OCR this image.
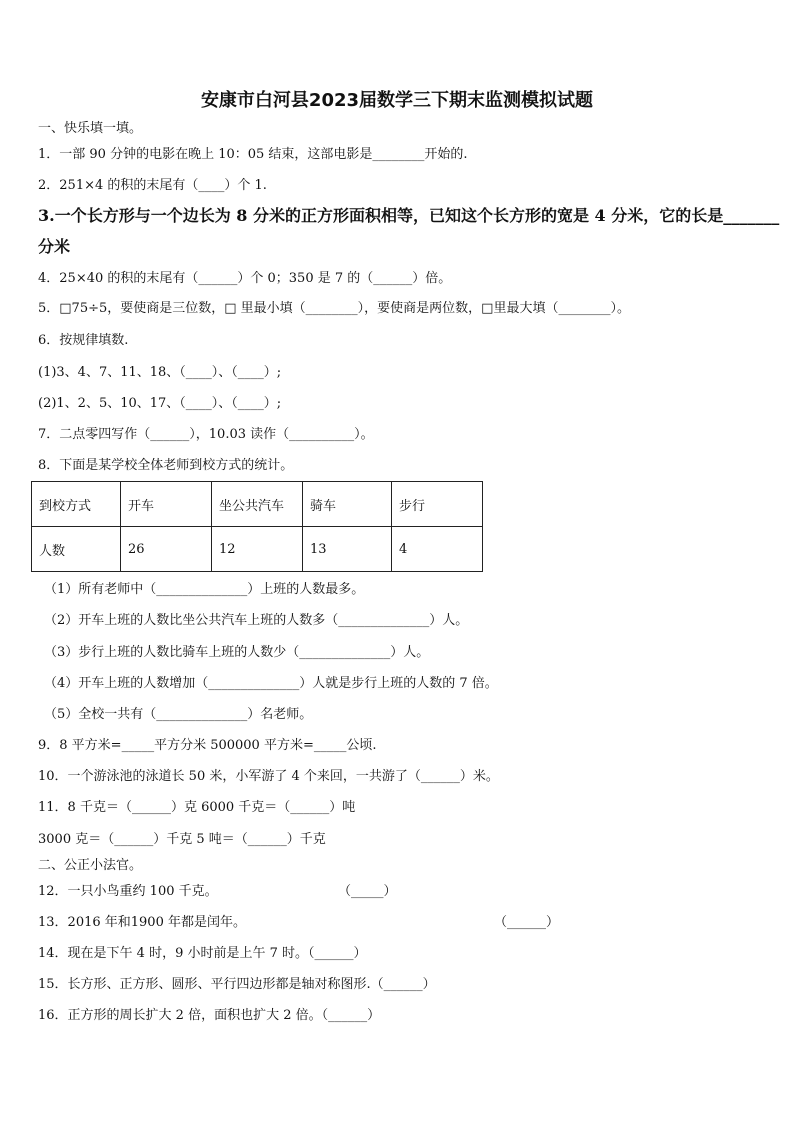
安康市白河县2023届数学三下期末监测模拟试题
一、快乐填一填。
1．一部 90 分钟的电影在晚上 10：05 结束，这部电影是________开始的.
2．251×4 的积的末尾有（____）个 1.
3.一个长方形与一个边长为 8 分米的正方形面积相等，已知这个长方形的宽是 4 分米，它的长是_______
分米
4．25×40 的积的末尾有（______）个 0；350 是 7 的（______）倍。
5．□75÷5，要使商是三位数，□ 里最小填（________），要使商是两位数，□里最大填（________）。
6．按规律填数.
(1)3、4、7、11、18、（____）、（____）;
(2)1、2、5、10、17、（____）、（____）;
7．二点零四写作（______），10.03 读作（__________）。
8．下面是某学校全体老师到校方式的统计。
到校方式	开车	坐公共汽车	骑车	步行
人数	26	12	13	4
（1）所有老师中（______________）上班的人数最多。
（2）开车上班的人数比坐公共汽车上班的人数多（______________）人。
（3）步行上班的人数比骑车上班的人数少（______________）人。
（4）开车上班的人数增加（______________）人就是步行上班的人数的 7 倍。
（5）全校一共有（______________）名老师。
9．8 平方米=_____平方分米 500000 平方米=_____公顷.
10．一个游泳池的泳道长 50 米，小军游了 4 个来回，一共游了（______）米。
11．8 千克＝（______）克 6000 千克＝（______）吨
3000 克＝（______）千克 5 吨＝（______）千克
二、公正小法官。
12．一只小鸟重约 100 千克。	（_____）
13．2016 年和1900 年都是闰年。	（______）
14．现在是下午 4 时，9 小时前是上午 7 时。（______）
15．长方形、正方形、圆形、平行四边形都是轴对称图形.（______）
16．正方形的周长扩大 2 倍，面积也扩大 2 倍。（______）
